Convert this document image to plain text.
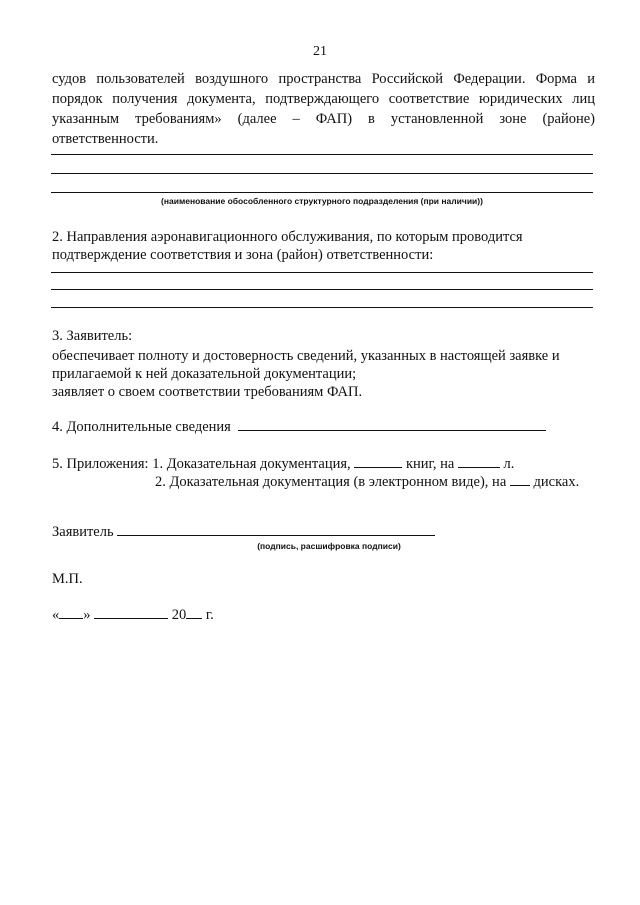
21
судов пользователей воздушного пространства Российской Федерации. Форма и
порядок получения документа, подтверждающего соответствие юридических лиц
указанным требованиям» (далее – ФАП) в установленной зоне (районе)
ответственности.
(наименование обособленного структурного подразделения (при наличии))
2. Направления аэронавигационного обслуживания, по которым проводится
подтверждение соответствия и зона (район) ответственности:
3. Заявитель:
обеспечивает полноту и достоверность сведений, указанных в настоящей заявке и
прилагаемой к ней доказательной документации;
заявляет о своем соответствии требованиям ФАП.
4. Дополнительные сведения
5. Приложения: 1. Доказательная документация,	книг, на	л.
2. Доказательная документация (в электронном виде), на дисках.
Заявитель
(подпись, расшифровка подписи)
М.П.
« »	20 г.
